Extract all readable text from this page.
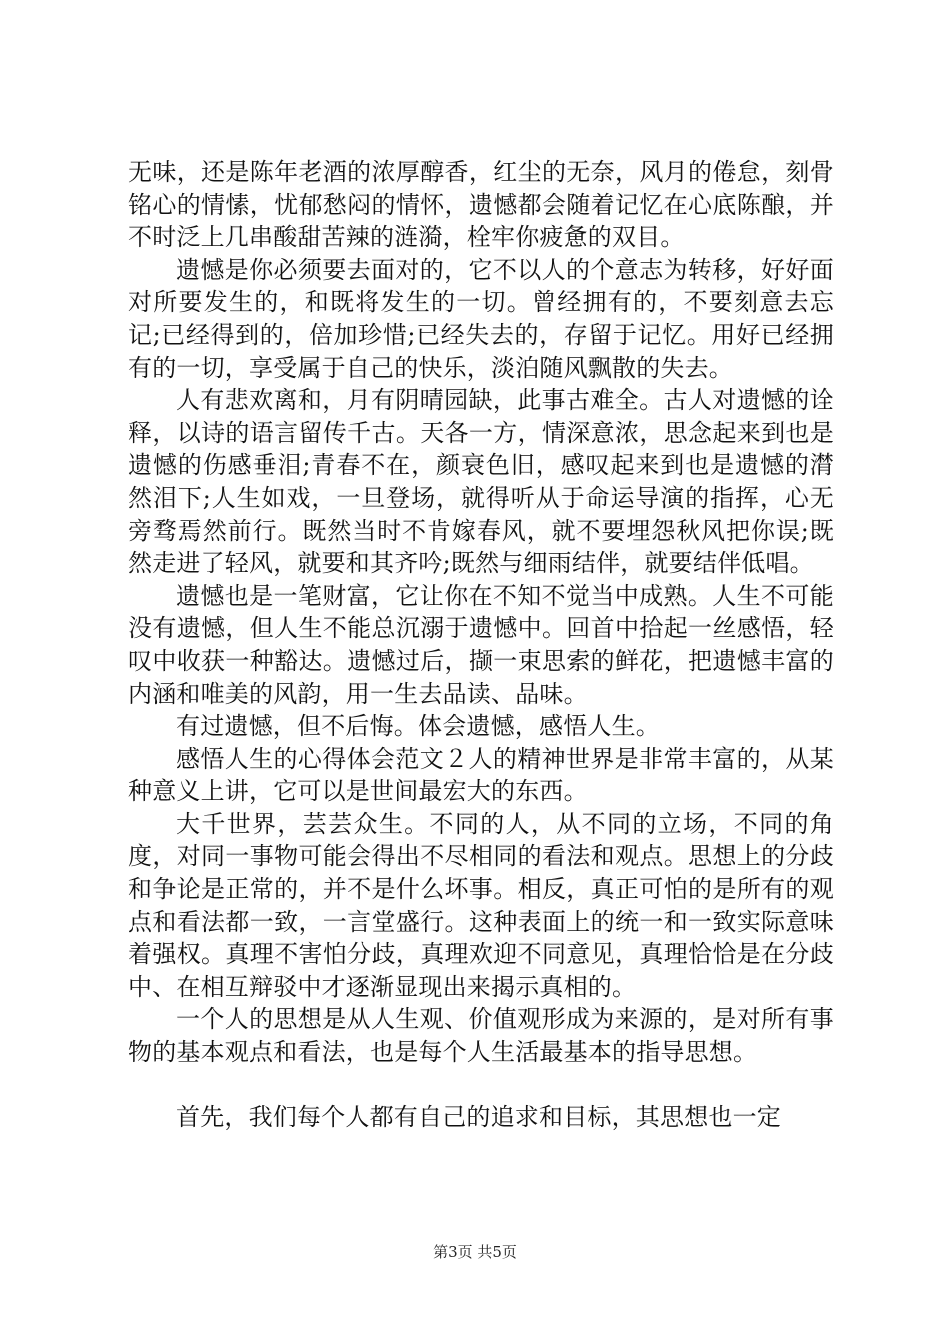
无味，还是陈年老酒的浓厚醇香，红尘的无奈，风月的倦怠，刻骨铭心的情愫，忧郁愁闷的情怀，遗憾都会随着记忆在心底陈酿，并不时泛上几串酸甜苦辣的涟漪，栓牢你疲惫的双目。

遗憾是你必须要去面对的，它不以人的个意志为转移，好好面对所要发生的，和既将发生的一切。曾经拥有的，不要刻意去忘记;已经得到的，倍加珍惜;已经失去的，存留于记忆。用好已经拥有的一切，享受属于自己的快乐，淡泊随风飘散的失去。

人有悲欢离和，月有阴晴园缺，此事古难全。古人对遗憾的诠释，以诗的语言留传千古。天各一方，情深意浓，思念起来到也是遗憾的伤感垂泪;青春不在，颜衰色旧，感叹起来到也是遗憾的潸然泪下;人生如戏，一旦登场，就得听从于命运导演的指挥，心无旁骛焉然前行。既然当时不肯嫁春风，就不要埋怨秋风把你误;既然走进了轻风，就要和其齐吟;既然与细雨结伴，就要结伴低唱。

遗憾也是一笔财富，它让你在不知不觉当中成熟。人生不可能没有遗憾，但人生不能总沉溺于遗憾中。回首中拾起一丝感悟，轻叹中收获一种豁达。遗憾过后，撷一束思索的鲜花，把遗憾丰富的内涵和唯美的风韵，用一生去品读、品味。

有过遗憾，但不后悔。体会遗憾，感悟人生。

感悟人生的心得体会范文２人的精神世界是非常丰富的，从某种意义上讲，它可以是世间最宏大的东西。

大千世界，芸芸众生。不同的人，从不同的立场，不同的角度，对同一事物可能会得出不尽相同的看法和观点。思想上的分歧和争论是正常的，并不是什么坏事。相反，真正可怕的是所有的观点和看法都一致，一言堂盛行。这种表面上的统一和一致实际意味着强权。真理不害怕分歧，真理欢迎不同意见，真理恰恰是在分歧中、在相互辩驳中才逐渐显现出来揭示真相的。

一个人的思想是从人生观、价值观形成为来源的，是对所有事物的基本观点和看法，也是每个人生活最基本的指导思想。

首先，我们每个人都有自己的追求和目标，其思想也一定

第3页 共5页
